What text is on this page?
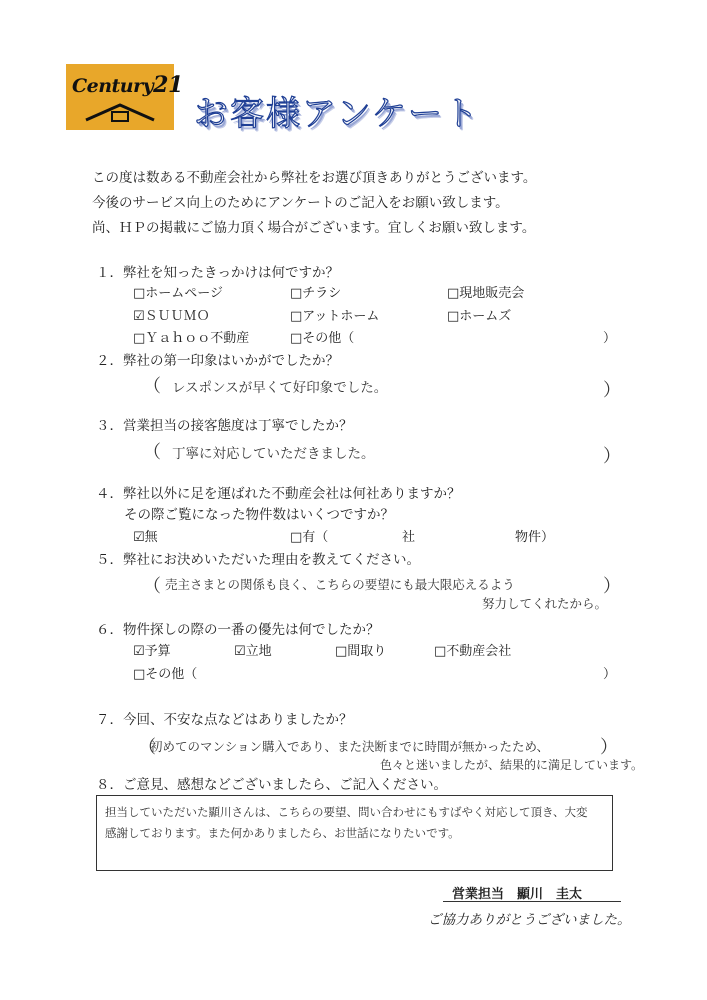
Century21
お客様アンケート
この度は数ある不動産会社から弊社をお選び頂きありがとうございます。
今後のサービス向上のためにアンケートのご記入をお願い致します。
尚、ＨＰの掲載にご協力頂く場合がございます。宜しくお願い致します。
１．弊社を知ったきっかけは何ですか？
□ホームページ	□チラシ	□現地販売会
☑ＳＵＵＭＯ	□アットホーム	□ホームズ
□Ｙａｈｏｏ不動産	□その他（	）
２．弊社の第一印象はいかがでしたか？
（ レスポンスが早くて好印象でした。	）
３．営業担当の接客態度は丁寧でしたか？
（ 丁寧に対応していただきました。	）
４．弊社以外に足を運ばれた不動産会社は何社ありますか？
その際ご覧になった物件数はいくつですか？
☑無	□有（	社	物件）
５．弊社にお決めいただいた理由を教えてください。
（ 売主さまとの関係も良く、こちらの要望にも最大限応えるよう	）
努力してくれたから。
６．物件探しの際の一番の優先は何でしたか？
☑予算	☑立地	□間取り	□不動産会社
□その他（	）
７．今回、不安な点などはありましたか？
（
初めてのマンション購入であり、また決断までに時間が無かったため、	）
色々と迷いましたが、結果的に満足しています。
８．ご意見、感想などございましたら、ご記入ください。
担当していただいた顯川さんは、こちらの要望、問い合わせにもすばやく対応して頂き、大変
感謝しております。また何かありましたら、お世話になりたいです。
営業担当　顯川　圭太
ご協力ありがとうございました。
